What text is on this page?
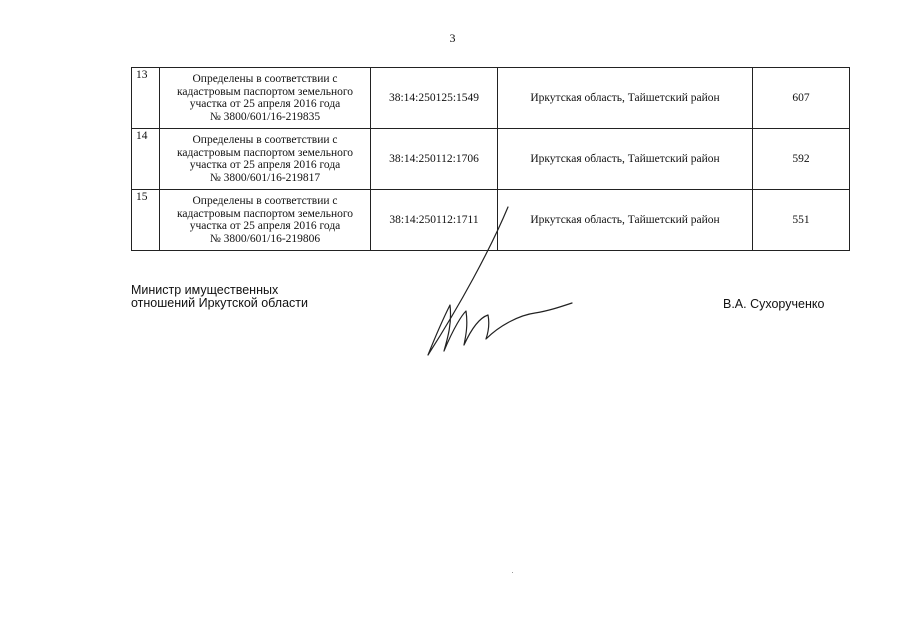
3
13	Определены в соответствии с
кадастровым паспортом земельного
участка от 25 апреля 2016 года
№ 3800/601/16-219835	38:14:250125:1549	Иркутская область, Тайшетский район	607
14	Определены в соответствии с
кадастровым паспортом земельного
участка от 25 апреля 2016 года
№ 3800/601/16-219817	38:14:250112:1706	Иркутская область, Тайшетский район	592
15	Определены в соответствии с
кадастровым паспортом земельного
участка от 25 апреля 2016 года
№ 3800/601/16-219806	38:14:250112:1711	Иркутская область, Тайшетский район	551
Министр имущественных
отношений Иркутской области	В.А. Сухорученко
